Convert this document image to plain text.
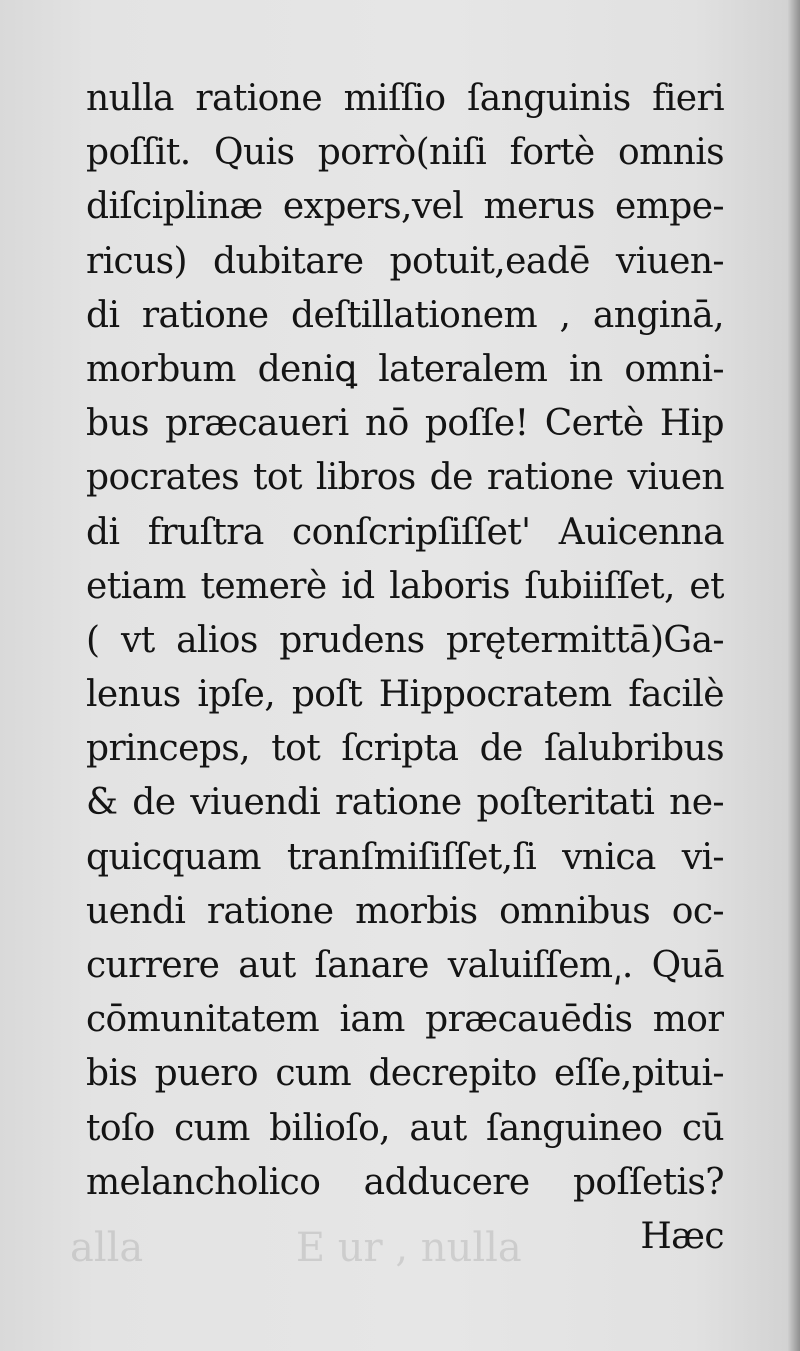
alla            E ur , nulla
nulla ratione miſſio ſanguinis fieri
poſſit. Quis porrò(niſi fortè omnis
diſciplinæ expers,vel merus empe-
ricus) dubitare potuit,eadē viuen-
di ratione deſtillationem , anginā,
morbum deniꝗ lateralem in omni-
bus præcaueri nō poſſe! Certè Hip
pocrates tot libros de ratione viuen
di fruſtra conſcripſiſſet' Auicenna
etiam temerè id laboris ſubiiſſet, et
( vt alios prudens prętermittā)Ga-
lenus ipſe, poſt Hippocratem facilè
princeps, tot ſcripta de ſalubribus
& de viuendi ratione poſteritati ne-
quicquam tranſmiſiſſet,ſi vnica vi-
uendi ratione morbis omnibus oc-
currere aut ſanare valuiſſem͵. Quā
cōmunitatem iam præcauēdis mor
bis puero cum decrepito eſſe,pitui-
toſo cum bilioſo, aut ſanguineo cū
melancholico adducere poſſetis?
Hæc
